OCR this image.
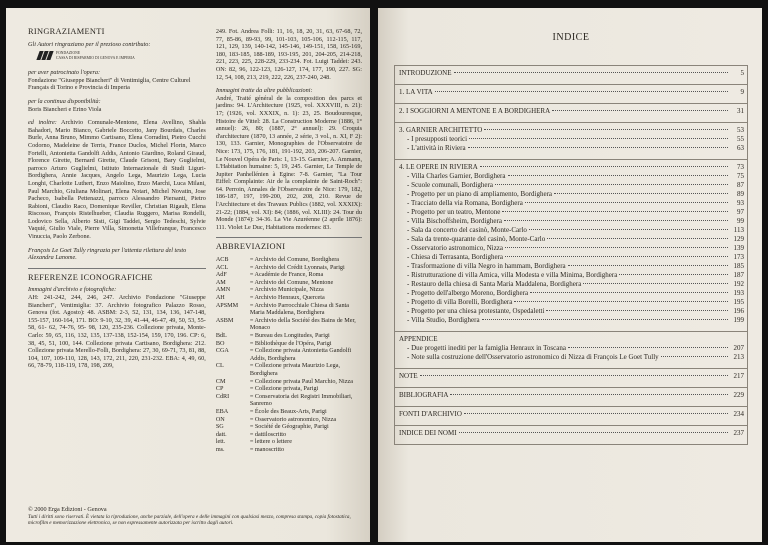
RINGRAZIAMENTI
Gli Autori ringraziano per il prezioso contributo:
FONDAZIONE
CASSA DI RISPARMIO DI GENOVA E IMPERIA
per aver patrocinato l'opera:
Fondazione "Giuseppe Biancheri" di Ventimiglia, Centre Culturel Français di Torino e Provincia di Imperia
per la continua disponibilità:
Boris Biancheri e Erino Viola
ed inoltre: Archivio Comunale-Mentone, Elena Avellino, Shahla Bahadori, Mario Bianco, Gabriele Boccetto, Jany Bourdais, Charles Burle, Anna Bruno, Mimmo Cartisano, Elena Corradini, Pietro Cucchi Codorno, Madeleine de Terris, France Duclos, Michel Florin, Marco Fortelli, Antonietta Gandolfi Addis, Antonio Giardino, Roland Giraud, Florence Girette, Bernard Girette, Claude Grisoni, Bary Guglielmi, parroco Arturo Guglielmi, Istituto Internazionale di Studi Liguri-Bordighera, Annie Jacques, Angelo Lega, Maurizio Lega, Lucia Longhi, Charlotte Luthert, Enzo Maiolino, Enzo Marchi, Luca Milani, Paul Marchio, Giuliana Molinari, Elena Notari, Michel Novatin, Jose Pacheco, Isabella Pettenazzi, parroco Alessandro Piersanti, Pietro Rabioni, Claudio Raco, Domenique Reviller, Christian Rigault, Elena Riscosso, François Ristelhueber, Claudia Ruggero, Marisa Rondelli, Lodovico Sella, Alberto Sisti, Gigi Taddei, Sergio Tedeschi, Sylvie Vaquié, Giulio Viale, Pierre Villa, Simonetta Villefranque, Francesco Vinuccia, Paolo Zerbone.
François Le Goet Tully ringrazia per l'attenta rilettura del testo Alexandra Lanome.
REFERENZE ICONOGRAFICHE
Immagini d'archivio e fotografiche:
AH: 241-242, 244, 246, 247. Archivio Fondazione "Giuseppe Biancheri", Ventimiglia: 37. Archivio fotografico Palazzo Rosso, Genova (fot. Agosto): 48. ASBM: 2-3, 52, 131, 134, 136, 147-148, 155-157, 160-164, 171. BO: 9-10, 32, 39, 41-44, 46-47, 49, 50, 53, 55-58, 61- 62, 74-76, 95- 98, 120, 235-236. Collezione privata, Monte-Carlo: 59, 65, 116, 132, 135, 137-138, 152-154, 159, 170, 196. CP: 6, 38, 45, 51, 100, 144. Collezione privata Cartisano, Bordighera: 212. Collezione privata Merello-Folli, Bordighera: 27, 30, 69-71, 73, 81, 88, 104, 107, 109-110, 128, 143, 172, 211, 220, 231-232. EBA: 4, 49, 60, 66, 78-79, 118-119, 178, 198, 209,
249. Fot. Andrea Folli: 11, 16, 18, 20, 31, 63, 67-68, 72, 77, 85-86, 89-93, 99, 101-103, 105-106, 112-115, 117, 121, 129, 139, 140-142, 145-146, 149-151, 158, 165-169, 180, 183-185, 188-189, 193-195, 201, 204-205, 214-218, 221, 223, 225, 228-229, 233-234. Fot. Luigi Taddei: 243. ON: 82, 96, 122-123, 126-127, 174, 177, 190, 227. SG: 12, 54, 108, 213, 219, 222, 226, 237-240, 248.
Immagini tratte da altre pubblicazioni:
André, Traité général de la composition des parcs et jardins: 94. L'Architecture (1925, vol. XXXVIII, n. 21): 17; (1926, vol. XXXIX, n. 1): 23, 25. Boudouresque, Histoire de Vittel: 28. La Construction Moderne (1886, 1° annuel): 26, 80; (1887, 2° annuel): 29. Croquis d'architecture (1870, 13 année, 2 série, 3 vol., n. XI, F 2): 130, 133. Garnier, Monographies de l'Observatoire de Nice: 173, 175, 176, 181, 191-192, 203, 206-207. Garnier, Le Nouvel Opéra de Paris: 1, 13-15. Garnier; A. Ammann, L'Habitation humaine: 5, 19, 245. Garnier, Le Temple de Jupiter Panhellénien à Egine: 7-8. Garnier, "La Tour Eiffel: Complainte: Air de la complainte de Saint-Roch": 64. Perroin, Annales de l'Observatoire de Nice: 179, 182, 186-187, 197, 199-200, 202, 208, 210. Revue de l'Architecture et des Travaux Publics (1882, vol. XXXIX): 21-22; (1884, vol. XI): 84; (1886, vol. XLIII): 24. Tour du Monde (1874): 34-36. La Vie Azuréenne (2 aprile 1876): 111. Violet Le Duc, Habitations modernes: 83.
ABBREVIAZIONI
ACB	= Archivio del Comune, Bordighera
ACL	= Archivio del Crédit Lyonnais, Parigi
AdF	= Académie de France, Roma
AM	= Archivio del Comune, Mentone
AMN	= Archivio Municipale, Nizza
AH	= Archivio Henraux, Querceta
APSMM	= Archivio Parrocchiale Chiesa di Santa Maria Maddalena, Bordighera
ASBM	= Archivio della Société des Bains de Mer, Monaco
BdL	= Bureau des Longitudes, Parigi
BO	= Bibliothèque de l'Opéra, Parigi
CGA	= Collezione privata Antonietta Gandolfi Addis, Bordighera
CL	= Collezione privata Maurizio Lega, Bordighera
CM	= Collezione privata Paul Marchio, Nizza
CP	= Collezione privata, Parigi
CdRI	= Conservatoria dei Registri Immobiliari, Sanremo
EBA	= École des Beaux-Arts, Parigi
ON	= Osservatorio astronomico, Nizza
SG	= Société de Géographie, Parigi
datt.	= dattiloscritto
lett.	= lettere o lettere
ms.	= manoscritto
© 2000 Erga Edizioni - Genova
Tutti i diritti sono riservati. È vietata la riproduzione, anche parziale, dell'opera e delle immagini con qualsiasi mezzo, compresa stampa, copia fotostatica, microfilm e memorizzazione elettronica, se non espressamente autorizzata per iscritto dagli autori.
INDICE
INTRODUZIONE	5
1. LA VITA	9
2. I SOGGIORNI A MENTONE E A BORDIGHERA	31
3. GARNIER ARCHITETTO	53
- I presupposti teorici	55
- L'attività in Riviera	63
4. LE OPERE IN RIVIERA	73
- Villa Charles Garnier, Bordighera	75
- Scuole comunali, Bordighera	87
- Progetto per un piano di ampliamento, Bordighera	89
- Tracciato della via Romana, Bordighera	93
- Progetto per un teatro, Mentone	97
- Villa Bischoffsheim, Bordighera	99
- Sala da concerto del casinò, Monte-Carlo	113
- Sala da trente-quarante del casinò, Monte-Carlo	129
- Osservatorio astronomico, Nizza	139
- Chiesa di Terrasanta, Bordighera	173
- Trasformazione di villa Negro in hammam, Bordighera	185
- Ristrutturazione di villa Amica, villa Modesta e villa Minima, Bordighera	187
- Restauro della chiesa di Santa Maria Maddalena, Bordighera	192
- Progetto dell'albergo Moreno, Bordighera	193
- Progetto di villa Borelli, Bordighera	195
- Progetto per una chiesa protestante, Ospedaletti	196
- Villa Studio, Bordighera	199
APPENDICE
- Due progetti inediti per la famiglia Henraux in Toscana	207
- Note sulla costruzione dell'Osservatorio astronomico di Nizza di François Le Goet Tully	213
NOTE	217
BIBLIOGRAFIA	229
FONTI D'ARCHIVIO	234
INDICE DEI NOMI	237
